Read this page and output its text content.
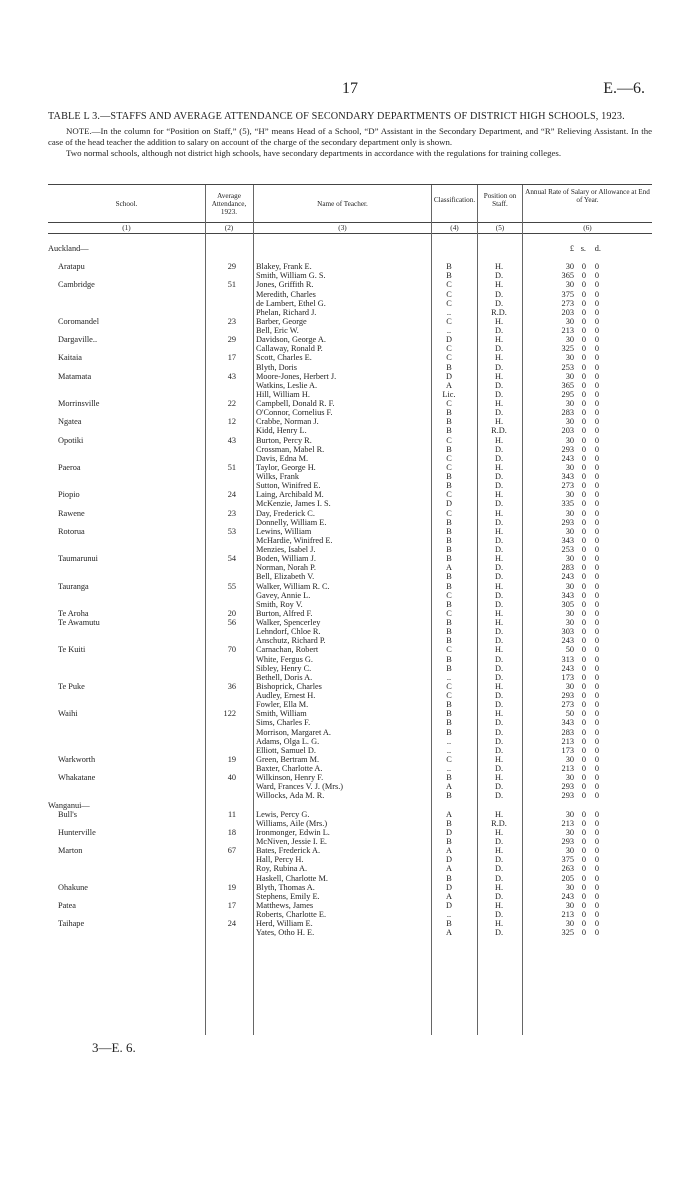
17	E.—6.
TABLE L 3.—STAFFS AND AVERAGE ATTENDANCE OF SECONDARY DEPARTMENTS OF DISTRICT HIGH SCHOOLS, 1923.

NOTE.—In the column for “Position on Staff,” (5), “H” means Head of a School, “D” Assistant in the Secondary Department, and “R” Relieving Assistant. In the case of the head teacher the addition to salary on account of the charge of the secondary department only is shown.

Two normal schools, although not district high schools, have secondary departments in accordance with the regulations for training colleges.

School.
Average Attendance, 1923.
Name of Teacher.	Classification.	Position on Staff.
Annual Rate of Salary or Allowance at End of Year.
(1)	(2)	(3)	(4)	(5)	(6)
£ s.	d.
Auckland—
Aratapu	29 Blakey, Frank E.	B	H.	30 0	0
Smith, William G. S.	B	D.	365 0	0
Cambridge	51 Jones, Griffith R.	C	H.	30 0	0
Meredith, Charles	C	D.	375 0	0
de Lambert, Ethel G.	C	D.	273 0	0
Phelan, Richard J.	..	R.D.	203 0	0
Coromandel	23 Barber, George	C	H.	30 0	0
Bell, Eric W.	..	D.	213 0	0
Dargaville..	29 Davidson, George A.	D	H.	30 0	0
Callaway, Ronald P.	C	D.	325 0	0
Kaitaia	17 Scott, Charles E.	C	H.	30 0	0
Blyth, Doris	B	D.	253 0	0
Matamata	43 Moore-Jones, Herbert J.	D	H.	30 0	0
Watkins, Leslie A.	A	D.	365 0	0
Hill, William H.	Lic.	D.	295 0	0
Morrinsville	22 Campbell, Donald R. F.	C	H.	30 0	0
O'Connor, Cornelius F.	B	D.	283 0	0
Ngatea	12 Crabbe, Norman J.	B	H.	30 0	0
Kidd, Henry L.	B	R.D.	203 0	0
Opotiki	43 Burton, Percy R.	C	H.	30 0	0
Crossman, Mabel R.	B	D.	293 0	0
Davis, Edna M.	C	D.	243 0	0
Paeroa	51 Taylor, George H.	C	H.	30 0	0
Wilks, Frank	B	D.	343 0	0
Sutton, Winifred E.	B	D.	273 0	0
Piopio	24 Laing, Archibald M.	C	H.	30 0	0
McKenzie, James I. S.	D	D.	335 0	0
Rawene	23 Day, Frederick C.	C	H.	30 0	0
Donnelly, William E.	B	D.	293 0	0
Rotorua	53 Lewins, William	B	H.	30 0	0
McHardie, Winifred E.	B	D.	343 0	0
Menzies, Isabel J.	B	D.	253 0	0
Taumarunui	54 Boden, William J.	B	H.	30 0	0
Norman, Norah P.	A	D.	283 0	0
Bell, Elizabeth V.	B	D.	243 0	0
Tauranga	55 Walker, William R. C.	B	H.	30 0	0
Gavey, Annie L.	C	D.	343 0	0
Smith, Roy V.	B	D.	305 0	0
Te Aroha	20 Burton, Alfred F.	C	H.	30 0	0
Te Awamutu	56 Walker, Spencerley	B	H.	30 0	0
Lehndorf, Chloe R.	B	D.	303 0	0
Anschutz, Richard P.	B	D.	243 0	0
Te Kuiti	70 Carnachan, Robert	C	H.	50 0	0
White, Fergus G.	B	D.	313 0	0
Sibley, Henry C.	B	D.	243 0	0
Bethell, Doris A.	..	D.	173 0	0
Te Puke	36 Bishoprick, Charles	C	H.	30 0	0
Audley, Ernest H.	C	D.	293 0	0
Fowler, Ella M.	B	D.	273 0	0
Waihi	122 Smith, William	B	H.	50 0	0
Sims, Charles F.	B	D.	343 0	0
Morrison, Margaret A.	B	D.	283 0	0
Adams, Olga L. G.	..	D.	213 0	0
Elliott, Samuel D.	..	D.	173 0	0
Warkworth	19 Green, Bertram M.	C	H.	30 0	0
Baxter, Charlotte A.	..	D.	213 0	0
Whakatane	40 Wilkinson, Henry F.	B	H.	30 0	0
Ward, Frances V. J. (Mrs.)	A	D.	293 0	0
Willocks, Ada M. R.	B	D.	293 0	0
Wanganui—
Bull's	11 Lewis, Percy G.	A	H.	30 0	0
Williams, Aile (Mrs.)	B	R.D.	213 0	0
Hunterville	18 Ironmonger, Edwin L.	D	H.	30 0	0
McNiven, Jessie I. E.	B	D.	293 0	0
Marton	67 Bates, Frederick A.	A	H.	30 0	0
Hall, Percy H.	D	D.	375 0	0
Roy, Rubina A.	A	D.	263 0	0
Haskell, Charlotte M.	B	D.	205 0	0
Ohakune	19 Blyth, Thomas A.	D	H.	30 0	0
Stephens, Emily E.	A	D.	243 0	0
Patea	17 Matthews, James	D	H.	30 0	0
Roberts, Charlotte E.	..	D.	213 0	0
Taihape	24 Herd, William E.	B	H.	30 0	0
Yates, Otho H. E.	A	D.	325 0	0
3—E. 6.
